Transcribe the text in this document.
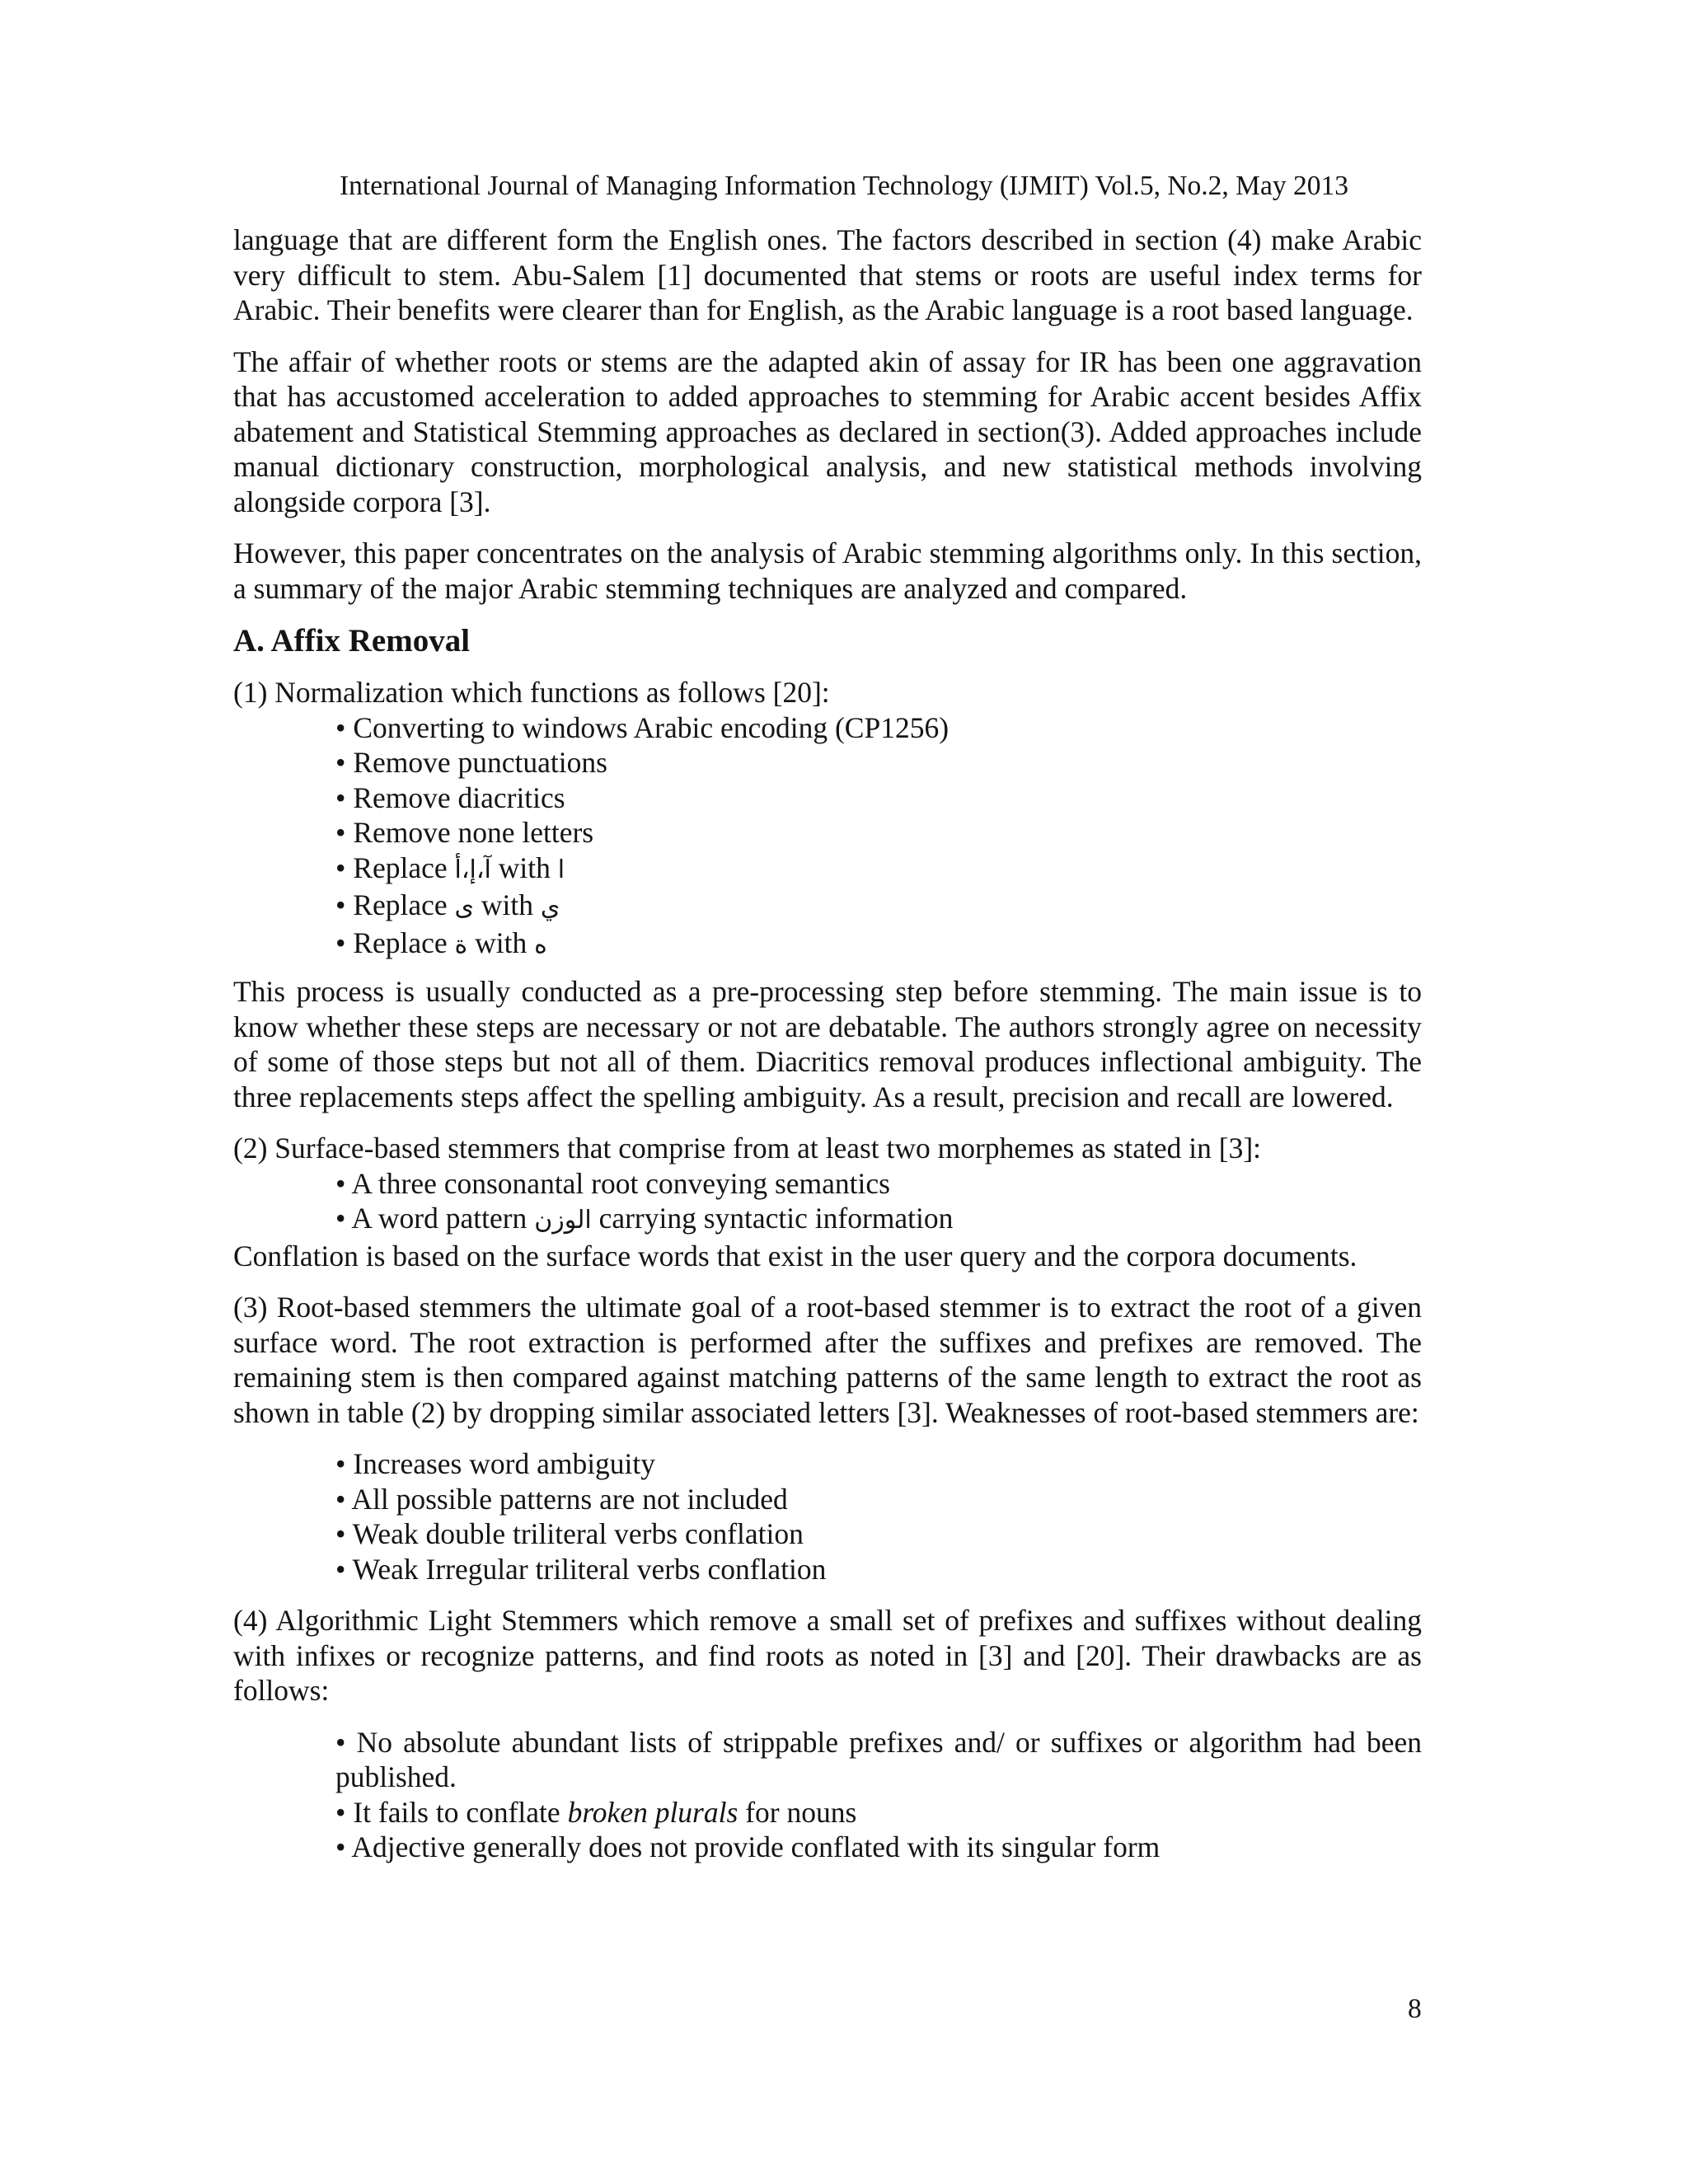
International Journal of Managing Information Technology (IJMIT) Vol.5, No.2, May 2013

language that are different form the English ones. The factors described in section (4) make Arabic very difficult to stem. Abu-Salem [1] documented that stems or roots are useful index terms for Arabic. Their benefits were clearer than for English, as the Arabic language is a root based language.

The affair of whether roots or stems are the adapted akin of assay for IR has been one aggravation that has accustomed acceleration to added approaches to stemming for Arabic accent besides Affix abatement and Statistical Stemming approaches as declared in section(3). Added approaches include manual dictionary construction, morphological analysis, and new statistical methods involving alongside corpora [3].

However, this paper concentrates on the analysis of Arabic stemming algorithms only. In this section, a summary of the major Arabic stemming techniques are analyzed and compared.

A. Affix Removal

(1) Normalization which functions as follows [20]:

• Converting to windows Arabic encoding (CP1256)
• Remove punctuations
• Remove diacritics
• Remove none letters
• Replace آ،إ،أ with ا
• Replace ى with ي
• Replace ة with ه

This process is usually conducted as a pre-processing step before stemming. The main issue is to know whether these steps are necessary or not are debatable. The authors strongly agree on necessity of some of those steps but not all of them. Diacritics removal produces inflectional ambiguity. The three replacements steps affect the spelling ambiguity. As a result, precision and recall are lowered.

(2) Surface-based stemmers that comprise from at least two morphemes as stated in [3]:

• A three consonantal root conveying semantics
• A word pattern الوزن carrying syntactic information

Conflation is based on the surface words that exist in the user query and the corpora documents.

(3) Root-based stemmers the ultimate goal of a root-based stemmer is to extract the root of a given surface word. The root extraction is performed after the suffixes and prefixes are removed. The remaining stem is then compared against matching patterns of the same length to extract the root as shown in table (2) by dropping similar associated letters [3]. Weaknesses of root-based stemmers are:

• Increases word ambiguity
• All possible patterns are not included
• Weak double triliteral verbs conflation
• Weak Irregular triliteral verbs conflation

(4) Algorithmic Light Stemmers which remove a small set of prefixes and suffixes without dealing with infixes or recognize patterns, and find roots as noted in [3] and [20]. Their drawbacks are as follows:

• No absolute abundant lists of strippable prefixes and/ or suffixes or algorithm had been published.
• It fails to conflate broken plurals for nouns
• Adjective generally does not provide conflated with its singular form
8
